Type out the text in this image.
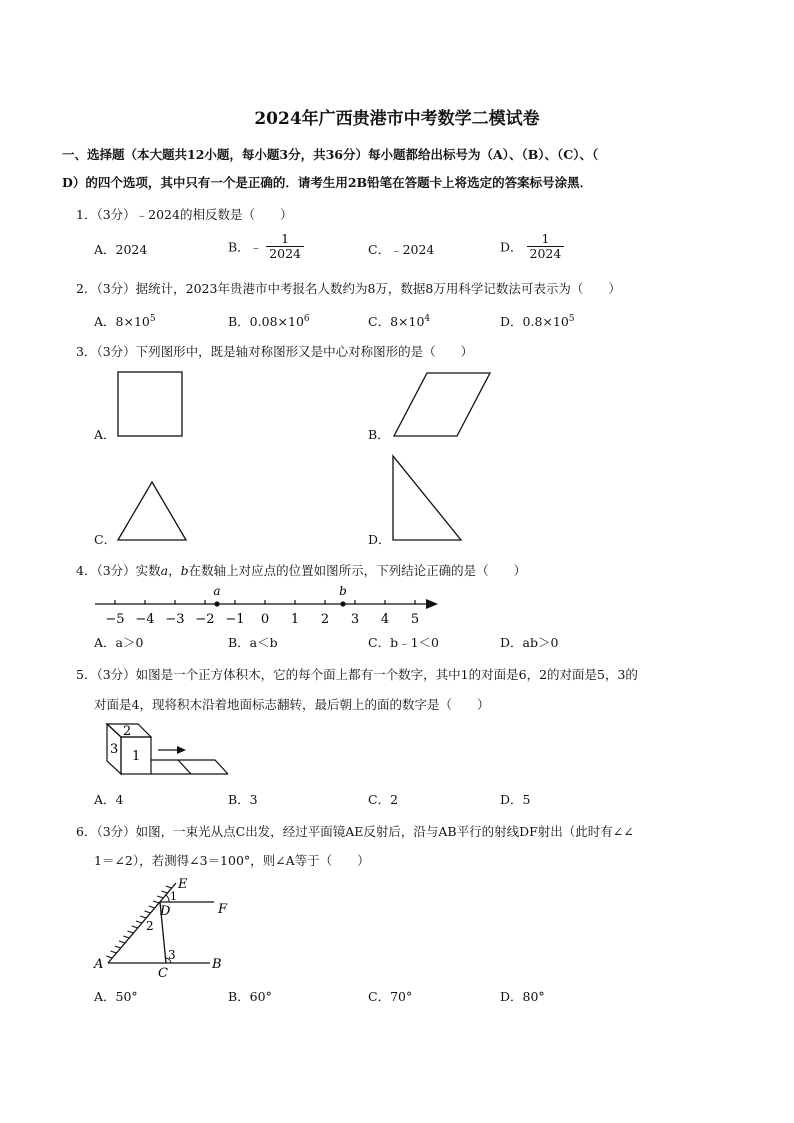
2024年广西贵港市中考数学二模试卷
一、选择题（本大题共12小题，每小题3分，共36分）每小题都给出标号为（A）、（B）、（C）、（
D）的四个选项，其中只有一个是正确的．请考生用2B铅笔在答题卡上将选定的答案标号涂黑．
1．（3分）﹣2024的相反数是（　　）
A．2024	B．﹣ $\frac{1}{2024}$	C．﹣2024	D． $\frac{1}{2024}$
2．（3分）据统计，2023年贵港市中考报名人数约为8万，数据8万用科学记数法可表示为（　　）
A．$8\times 10^5$	B．$0.08\times 10^6$	C．$8\times 10^4$	D．$0.8\times 10^5$
3．（3分）下列图形中，既是轴对称图形又是中心对称图形的是（　　）
A．	B．
C．	D．
4．（3分）实数a，b在数轴上对应点的位置如图所示，下列结论正确的是（　　）
−5 −4 −3 −2 −1 0 1 2 3 4 5
a	b
A．a＞0	B．a＜b	C．b﹣1＜0	D．ab＞0
5．（3分）如图是一个正方体积木，它的每个面上都有一个数字，其中1的对面是6，2的对面是5，3的
对面是4，现将积木沿着地面标志翻转，最后朝上的面的数字是（　　）
1
2
3
A．4	B．3	C．2	D．5
6．（3分）如图，一束光从点C出发，经过平面镜AE反射后，沿与AB平行的射线DF射出（此时有∠∠
1＝∠2），若测得∠3＝100°，则∠A等于（　　）
E
D	F
A	B
C
1
2
3
A．50°	B．60°	C．70°	D．80°
